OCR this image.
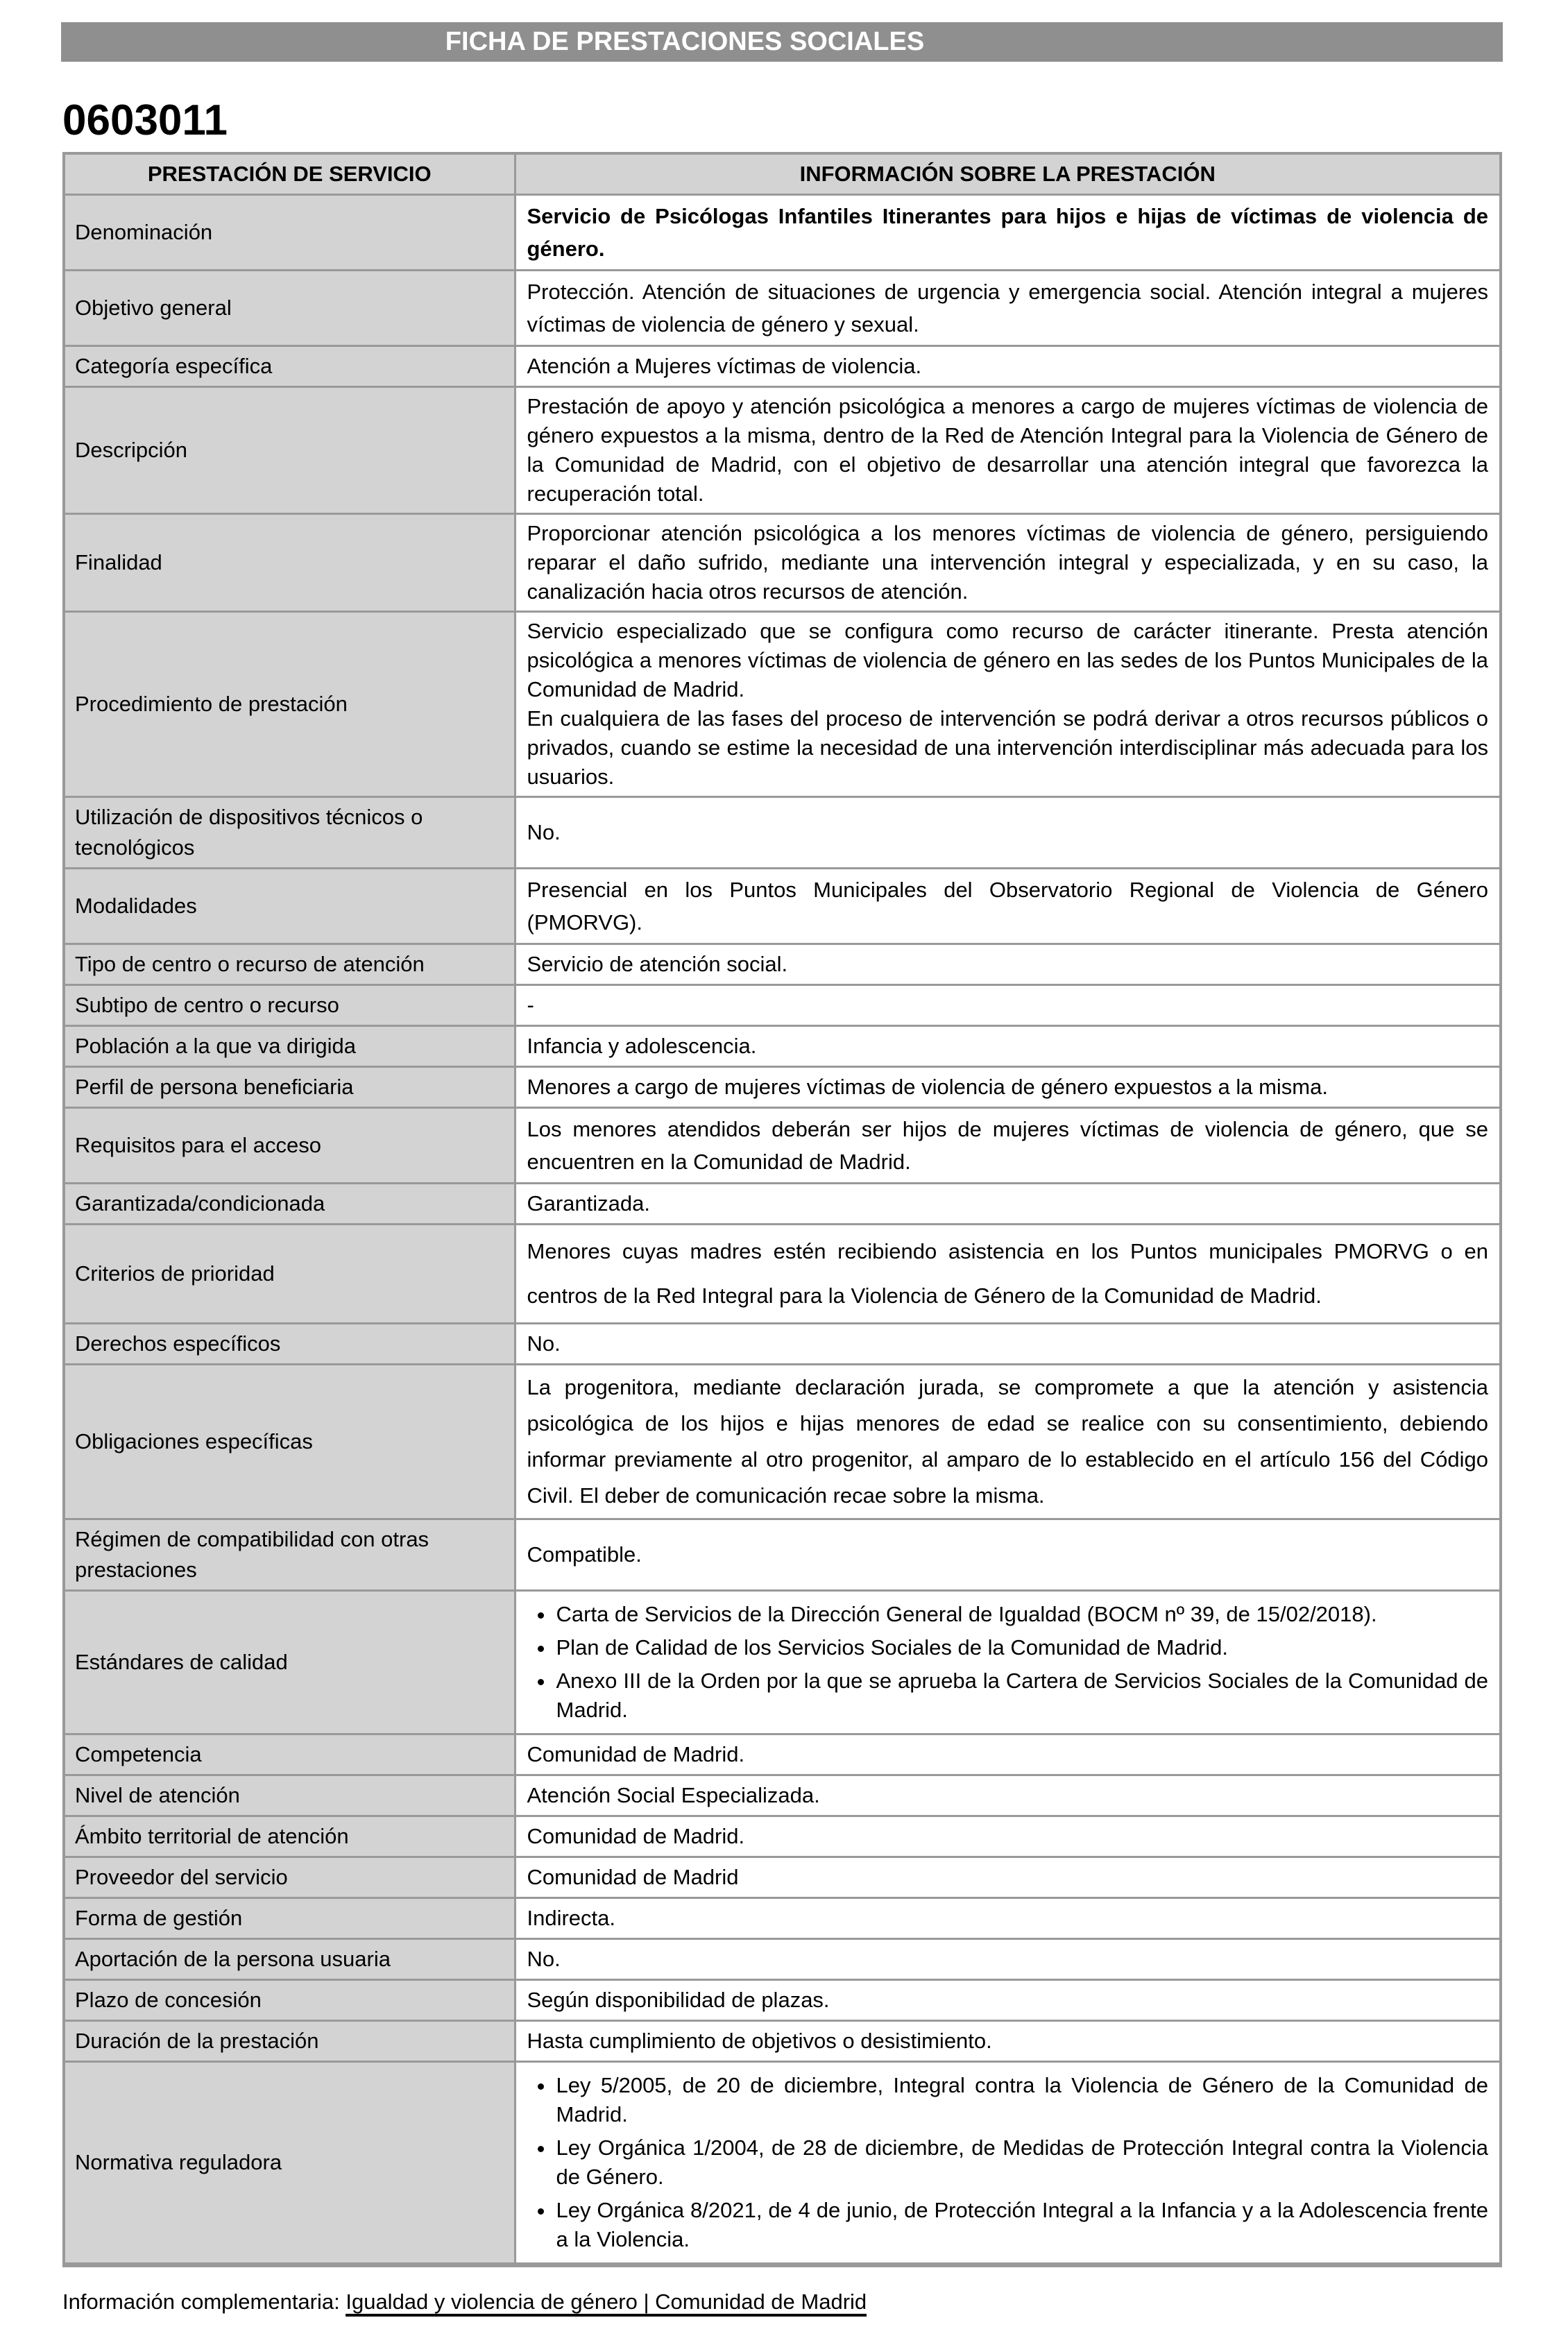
FICHA DE PRESTACIONES SOCIALES
0603011
PRESTACIÓN DE SERVICIO	INFORMACIÓN SOBRE LA PRESTACIÓN
Denominación	Servicio de Psicólogas Infantiles Itinerantes para hijos e hijas de víctimas de violencia de género.
Objetivo general	Protección. Atención de situaciones de urgencia y emergencia social. Atención integral a mujeres víctimas de violencia de género y sexual.
Categoría específica	Atención a Mujeres víctimas de violencia.
Descripción	Prestación de apoyo y atención psicológica a menores a cargo de mujeres víctimas de violencia de género expuestos a la misma, dentro de la Red de Atención Integral para la Violencia de Género de la Comunidad de Madrid, con el objetivo de desarrollar una atención integral que favorezca la recuperación total.
Finalidad	Proporcionar atención psicológica a los menores víctimas de violencia de género, persiguiendo reparar el daño sufrido, mediante una intervención integral y especializada, y en su caso, la canalización hacia otros recursos de atención.
Procedimiento de prestación	Servicio especializado que se configura como recurso de carácter itinerante. Presta atención psicológica a menores víctimas de violencia de género en las sedes de los Puntos Municipales de la Comunidad de Madrid.

En cualquiera de las fases del proceso de intervención se podrá derivar a otros recursos públicos o privados, cuando se estime la necesidad de una intervención interdisciplinar más adecuada para los usuarios.

Utilización de dispositivos técnicos o tecnológicos	No.
Modalidades	Presencial en los Puntos Municipales del Observatorio Regional de Violencia de Género (PMORVG).
Tipo de centro o recurso de atención	Servicio de atención social.
Subtipo de centro o recurso	-
Población a la que va dirigida	Infancia y adolescencia.
Perfil de persona beneficiaria	Menores a cargo de mujeres víctimas de violencia de género expuestos a la misma.
Requisitos para el acceso	Los menores atendidos deberán ser hijos de mujeres víctimas de violencia de género, que se encuentren en la Comunidad de Madrid.
Garantizada/condicionada	Garantizada.
Criterios de prioridad	Menores cuyas madres estén recibiendo asistencia en los Puntos municipales PMORVG o en centros de la Red Integral para la Violencia de Género de la Comunidad de Madrid.
Derechos específicos	No.
Obligaciones específicas	La progenitora, mediante declaración jurada, se compromete a que la atención y asistencia psicológica de los hijos e hijas menores de edad se realice con su consentimiento, debiendo informar previamente al otro progenitor, al amparo de lo establecido en el artículo 156 del Código Civil. El deber de comunicación recae sobre la misma.
Régimen de compatibilidad con otras prestaciones	Compatible.
Estándares de calidad	
• Carta de Servicios de la Dirección General de Igualdad (BOCM nº 39, de 15/02/2018).
• Plan de Calidad de los Servicios Sociales de la Comunidad de Madrid.
• Anexo III de la Orden por la que se aprueba la Cartera de Servicios Sociales de la Comunidad de Madrid.

Competencia	Comunidad de Madrid.
Nivel de atención	Atención Social Especializada.
Ámbito territorial de atención	Comunidad de Madrid.
Proveedor del servicio	Comunidad de Madrid
Forma de gestión	Indirecta.
Aportación de la persona usuaria	No.
Plazo de concesión	Según disponibilidad de plazas.
Duración de la prestación	Hasta cumplimiento de objetivos o desistimiento.
Normativa reguladora	
• Ley 5/2005, de 20 de diciembre, Integral contra la Violencia de Género de la Comunidad de Madrid.
• Ley Orgánica 1/2004, de 28 de diciembre, de Medidas de Protección Integral contra la Violencia de Género.
• Ley Orgánica 8/2021, de 4 de junio, de Protección Integral a la Infancia y a la Adolescencia frente a la Violencia.

Información complementaria: Igualdad y violencia de género | Comunidad de Madrid
